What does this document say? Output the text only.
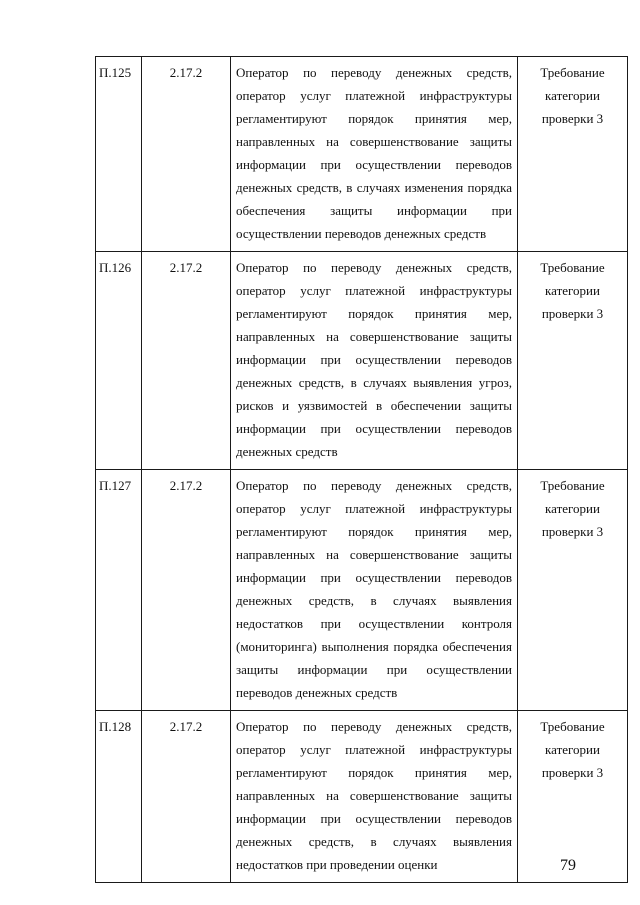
П.125	2.17.2	Оператор по переводу денежных средств, оператор услуг платежной инфраструктуры регламентируют порядок принятия мер, направленных на совершенствование защиты информации при осуществлении переводов денежных средств, в случаях изменения порядка обеспечения защиты информации при осуществлении переводов денежных средств	Требование категории проверки 3
П.126	2.17.2	Оператор по переводу денежных средств, оператор услуг платежной инфраструктуры регламентируют порядок принятия мер, направленных на совершенствование защиты информации при осуществлении переводов денежных средств, в случаях выявления угроз, рисков и уязвимостей в обеспечении защиты информации при осуществлении переводов денежных средств	Требование категории проверки 3
П.127	2.17.2	Оператор по переводу денежных средств, оператор услуг платежной инфраструктуры регламентируют порядок принятия мер, направленных на совершенствование защиты информации при осуществлении переводов денежных средств, в случаях выявления недостатков при осуществлении контроля (мониторинга) выполнения порядка обеспечения защиты информации при осуществлении переводов денежных средств	Требование категории проверки 3
П.128	2.17.2	Оператор по переводу денежных средств, оператор услуг платежной инфраструктуры регламентируют порядок принятия мер, направленных на совершенствование защиты информации при осуществлении переводов денежных средств, в случаях выявления недостатков при проведении оценки	Требование категории проверки 3
79
